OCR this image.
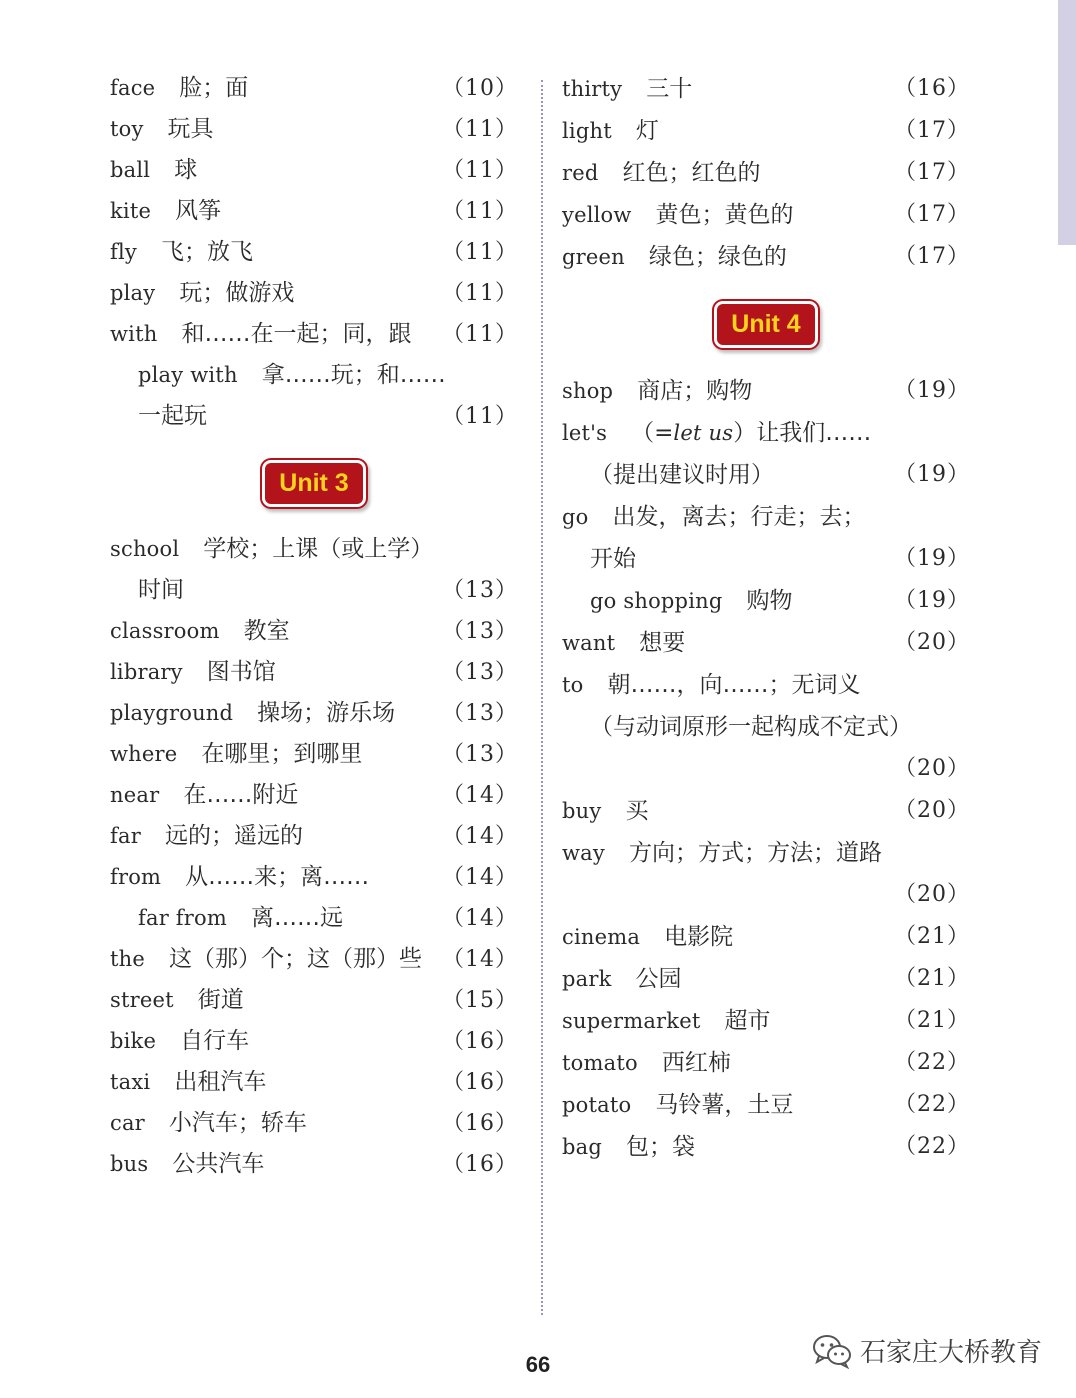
face 脸；面	（10）
toy 玩具	（11）
ball 球	（11）
kite 风筝	（11）
fly 飞；放飞	（11）
play 玩；做游戏	（11）
with 和……在一起；同，跟 （11）
play with 拿……玩；和……
一起玩	（11）
Unit 3
school 学校；上课（或上学）
时间	（13）
classroom 教室	（13）
library 图书馆	（13）
playground 操场；游乐场 （13）
where 在哪里；到哪里	（13）
near 在……附近	（14）
far 远的；遥远的	（14）
from 从……来；离……	（14）
far from 离……远	（14）
the 这（那）个；这（那）些 （14）
street 街道	（15）
bike 自行车	（16）
taxi 出租汽车	（16）
car 小汽车；轿车	（16）
bus 公共汽车	（16）
thirty 三十	（16）
light 灯	（17）
red 红色；红色的	（17）
yellow 黄色；黄色的	（17）
green 绿色；绿色的	（17）
Unit 4
shop 商店；购物	（19）
let's （=let us）让我们……
（提出建议时用）	（19）
go 出发，离去；行走；去；
开始	（19）
go shopping 购物	（19）
want 想要	（20）
to 朝……，向……；无词义
（与动词原形一起构成不定式）
（20）
buy 买	（20）
way 方向；方式；方法；道路
（20）
cinema 电影院	（21）
park 公园	（21）
supermarket 超市	（21）
tomato 西红柿	（22）
potato 马铃薯，土豆	（22）
bag 包；袋	（22）
66	石家庄大桥教育
